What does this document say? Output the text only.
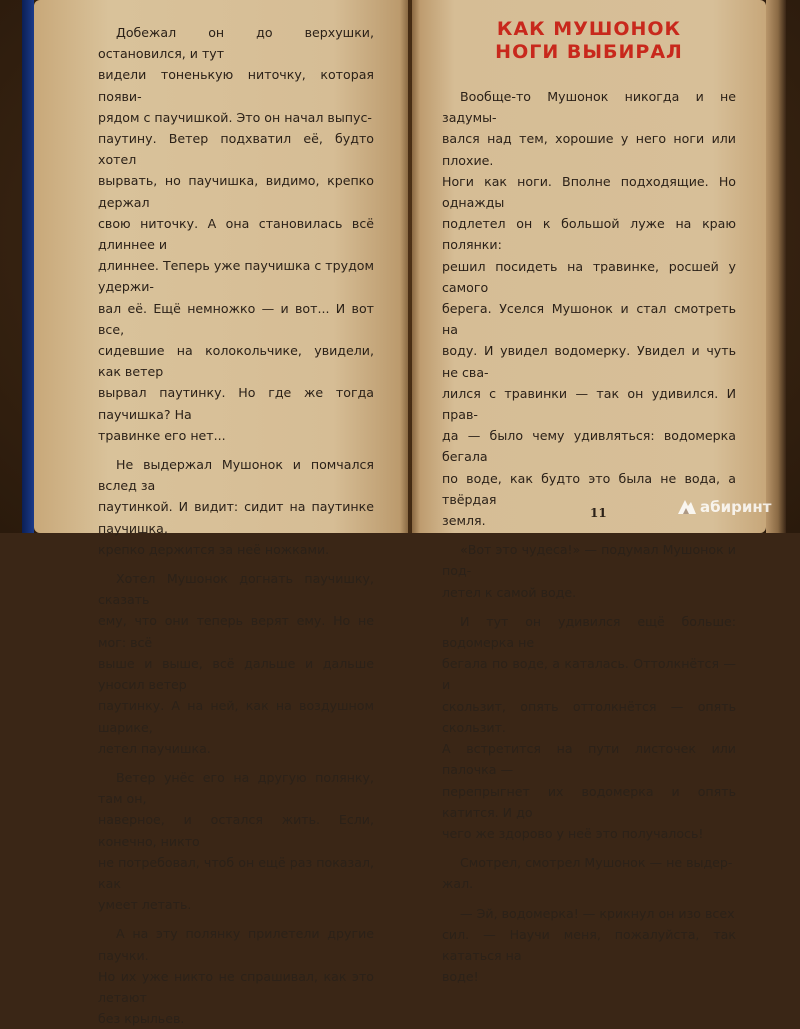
Добежал он до верхушки, остановился, и тут
видели тоненькую ниточку, которая появи-
рядом с паучишкой. Это он начал выпус-
паутину. Ветер подхватил её, будто хотел
вырвать, но паучишка, видимо, крепко держал
свою ниточку. А она становилась всё длиннее и
длиннее. Теперь уже паучишка с трудом удержи-
вал её. Ещё немножко — и вот... И вот все,
сидевшие на колокольчике, увидели, как ветер
вырвал паутинку. Но где же тогда паучишка? На
травинке его нет...

Не выдержал Мушонок и помчался вслед за
паутинкой. И видит: сидит на паутинке паучишка,
крепко держится за неё ножками.

Хотел Мушонок догнать паучишку, сказать
ему, что они теперь верят ему. Но не мог: всё
выше и выше, всё дальше и дальше уносил ветер
паутинку. А на ней, как на воздушном шарике,
летел паучишка.

Ветер унёс его на другую полянку, там он,
наверное, и остался жить. Если, конечно, никто
не потребовал, чтоб он ещё раз показал, как
умеет летать.

А на эту полянку прилетели другие паучки.
Но их уже никто не спрашивал, как это летают
без крыльев.

КАК МУШОНОК
НОГИ ВЫБИРАЛ

Вообще-то Мушонок никогда и не задумы-
вался над тем, хорошие у него ноги или плохие.
Ноги как ноги. Вполне подходящие. Но однажды
подлетел он к большой луже на краю полянки:
решил посидеть на травинке, росшей у самого
берега. Уселся Мушонок и стал смотреть на
воду. И увидел водомерку. Увидел и чуть не сва-
лился с травинки — так он удивился. И прав-
да — было чему удивляться: водомерка бегала
по воде, как будто это была не вода, а твёрдая
земля.

«Вот это чудеса!» — подумал Мушонок и под-
летел к самой воде.

И тут он удивился ещё больше: водомерка не
бегала по воде, а каталась. Оттолкнётся — и
скользит, опять оттолкнётся — опять скользит.
А встретится на пути листочек или палочка —
перепрыгнет их водомерка и опять катится. И до
чего же здорово у неё это получалось!

Смотрел, смотрел Мушонок — не выдер-
жал.

— Эй, водомерка! — крикнул он изо всех
сил. — Научи меня, пожалуйста, так кататься на
воде!

11	абиринт
